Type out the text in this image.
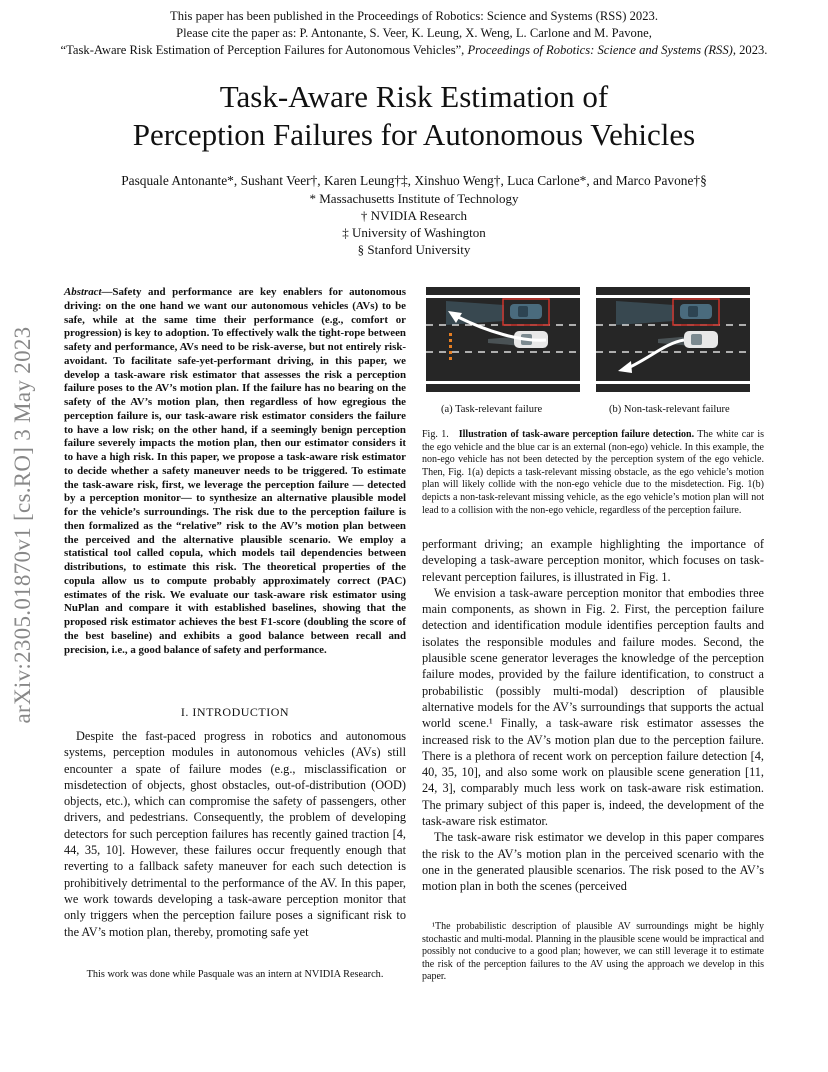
This paper has been published in the Proceedings of Robotics: Science and Systems (RSS) 2023.
Please cite the paper as: P. Antonante, S. Veer, K. Leung, X. Weng, L. Carlone and M. Pavone,
“Task-Aware Risk Estimation of Perception Failures for Autonomous Vehicles”, Proceedings of Robotics: Science and Systems (RSS), 2023.
Task-Aware Risk Estimation of
Perception Failures for Autonomous Vehicles
Pasquale Antonante*, Sushant Veer†, Karen Leung†‡, Xinshuo Weng†, Luca Carlone*, and Marco Pavone†§
* Massachusetts Institute of Technology
† NVIDIA Research
‡ University of Washington
§ Stanford University
arXiv:2305.01870v1 [cs.RO] 3 May 2023
Abstract—Safety and performance are key enablers for autonomous driving: on the one hand we want our autonomous vehicles (AVs) to be safe, while at the same time their performance (e.g., comfort or progression) is key to adoption. To effectively walk the tight-rope between safety and performance, AVs need to be risk-averse, but not entirely risk-avoidant. To facilitate safe-yet-performant driving, in this paper, we develop a task-aware risk estimator that assesses the risk a perception failure poses to the AV’s motion plan. If the failure has no bearing on the safety of the AV’s motion plan, then regardless of how egregious the perception failure is, our task-aware risk estimator considers the failure to have a low risk; on the other hand, if a seemingly benign perception failure severely impacts the motion plan, then our estimator considers it to have a high risk. In this paper, we propose a task-aware risk estimator to decide whether a safety maneuver needs to be triggered. To estimate the task-aware risk, first, we leverage the perception failure — detected by a perception monitor— to synthesize an alternative plausible model for the vehicle’s surroundings. The risk due to the perception failure is then formalized as the “relative” risk to the AV’s motion plan between the perceived and the alternative plausible scenario. We employ a statistical tool called copula, which models tail dependencies between distributions, to estimate this risk. The theoretical properties of the copula allow us to compute probably approximately correct (PAC) estimates of the risk. We evaluate our task-aware risk estimator using NuPlan and compare it with established baselines, showing that the proposed risk estimator achieves the best F1-score (doubling the score of the best baseline) and exhibits a good balance between recall and precision, i.e., a good balance of safety and performance.
I. INTRODUCTION

Despite the fast-paced progress in robotics and autonomous systems, perception modules in autonomous vehicles (AVs) still encounter a spate of failure modes (e.g., misclassification or misdetection of objects, ghost obstacles, out-of-distribution (OOD) objects, etc.), which can compromise the safety of passengers, other drivers, and pedestrians. Consequently, the problem of developing detectors for such perception failures has recently gained traction [4, 44, 35, 10]. However, these failures occur frequently enough that reverting to a fallback safety maneuver for each such detection is prohibitively detrimental to the performance of the AV. In this paper, we work towards developing a task-aware perception monitor that only triggers when the perception failure poses a significant risk to the AV’s motion plan, thereby, promoting safe yet

This work was done while Pasquale was an intern at NVIDIA Research.
(a) Task-relevant failure	(b) Non-task-relevant failure
Fig. 1. Illustration of task-aware perception failure detection. The white car is the ego vehicle and the blue car is an external (non-ego) vehicle. In this example, the non-ego vehicle has not been detected by the perception system of the ego vehicle. Then, Fig. 1(a) depicts a task-relevant missing obstacle, as the ego vehicle’s motion plan will likely collide with the non-ego vehicle due to the misdetection. Fig. 1(b) depicts a non-task-relevant missing vehicle, as the ego vehicle’s motion plan will not lead to a collision with the non-ego vehicle, regardless of the perception failure.

performant driving; an example highlighting the importance of developing a task-aware perception monitor, which focuses on task-relevant perception failures, is illustrated in Fig. 1.

We envision a task-aware perception monitor that embodies three main components, as shown in Fig. 2. First, the perception failure detection and identification module identifies perception faults and isolates the responsible modules and failure modes. Second, the plausible scene generator leverages the knowledge of the perception failure modes, provided by the failure identification, to construct a probabilistic (possibly multi-modal) description of plausible alternative models for the AV’s surroundings that supports the actual world scene.¹ Finally, a task-aware risk estimator assesses the increased risk to the AV’s motion plan due to the perception failure. There is a plethora of recent work on perception failure detection [4, 40, 35, 10], and also some work on plausible scene generation [11, 24, 3], comparably much less work on task-aware risk estimation. The primary subject of this paper is, indeed, the development of the task-aware risk estimator.

The task-aware risk estimator we develop in this paper compares the risk to the AV’s motion plan in the perceived scenario with the one in the generated plausible scenarios. The risk posed to the AV’s motion plan in both the scenes (perceived

¹The probabilistic description of plausible AV surroundings might be highly stochastic and multi-modal. Planning in the plausible scene would be impractical and possibly not conducive to a good plan; however, we can still leverage it to estimate the risk of the perception failures to the AV using the approach we develop in this paper.
